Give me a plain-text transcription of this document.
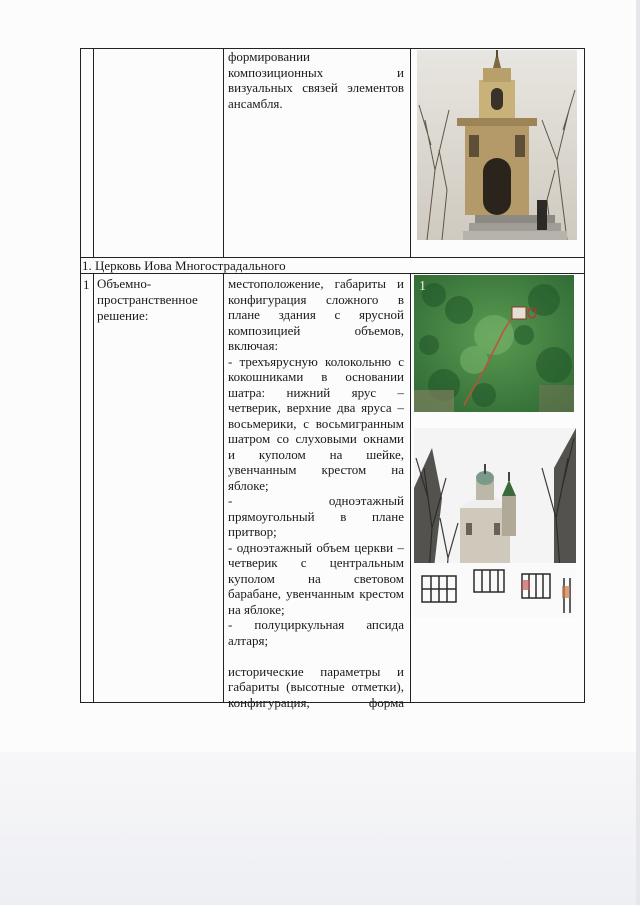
формировании
композиционных и
визуальных связей элементов
ансамбля.
1. Церковь Иова Многострадального
1 Объемно-
пространственное
решение:
местоположение, габариты и
конфигурация сложного в
плане здания с ярусной
композицией объемов,
включая:
- трехъярусную колокольню с
кокошниками в основании
шатра: нижний ярус –
четверик, верхние два яруса –
восьмерики, с восьмигранным
шатром со слуховыми окнами
и куполом на шейке,
увенчанным крестом на
яблоке;
- одноэтажный
прямоугольный в плане
притвор;
- одноэтажный объем церкви –
четверик с центральным
куполом на световом
барабане, увенчанным крестом
на яблоке;
- полуциркульная апсида
алтаря;

исторические параметры и
габариты (высотные отметки),
конфигурация, форма
1
